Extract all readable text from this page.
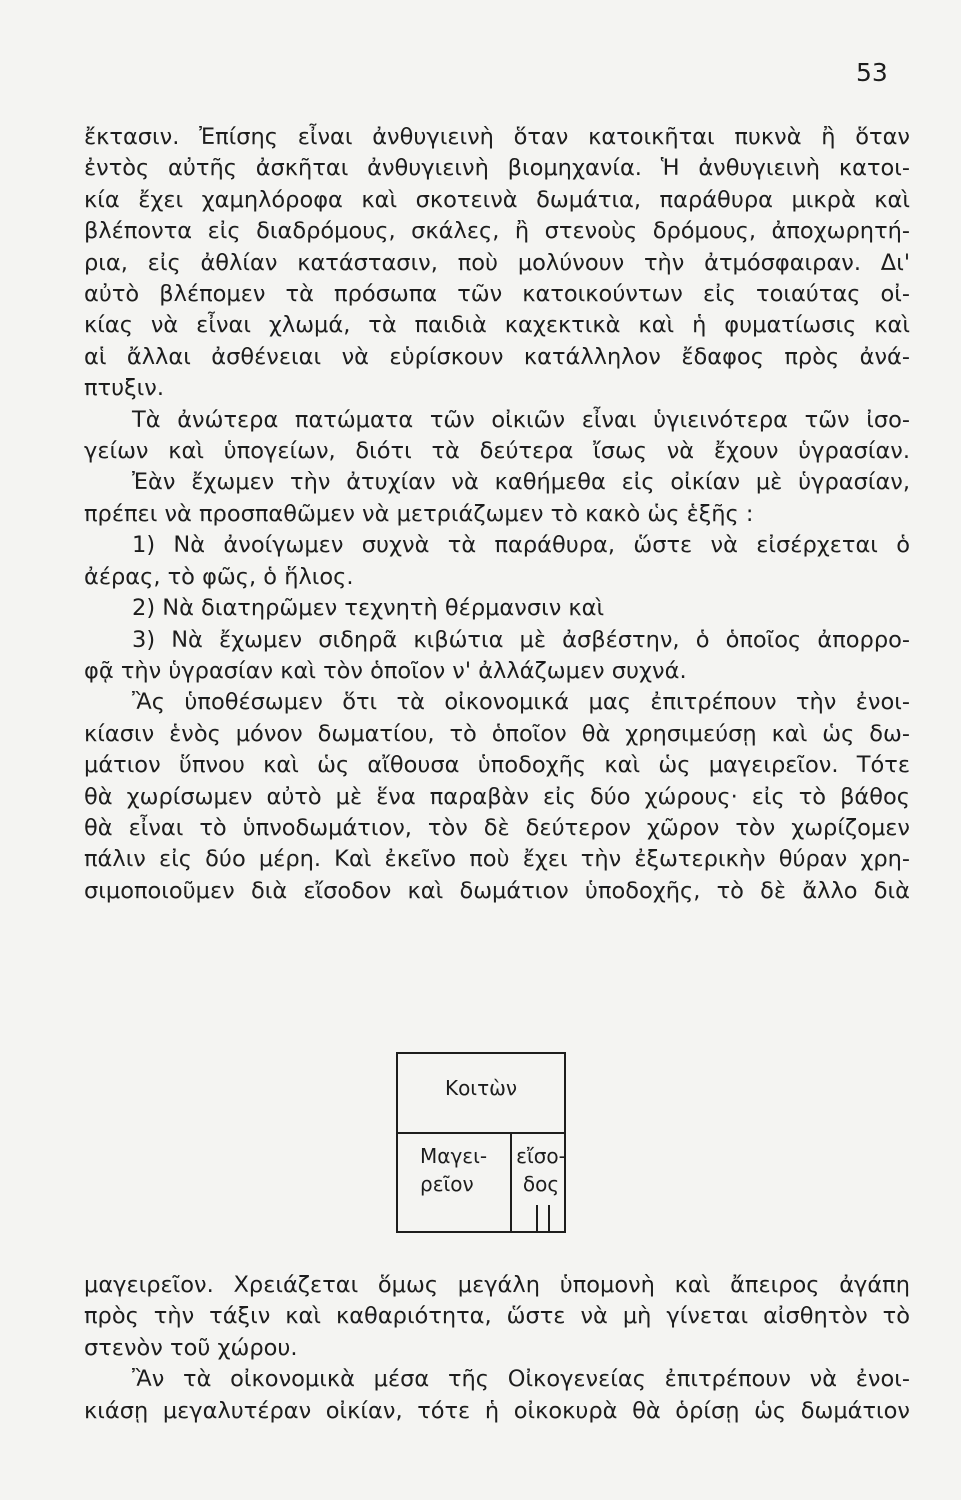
53
ἔκτασιν. Ἐπίσης εἶναι ἀνθυγιεινὴ ὅταν κατοικῆται πυκνὰ ἢ ὅταν
ἐντὸς αὐτῆς ἀσκῆται ἀνθυγιεινὴ βιομηχανία. Ἡ ἀνθυγιεινὴ κατοι-
κία ἔχει χαμηλόροφα καὶ σκοτεινὰ δωμάτια, παράθυρα μικρὰ καὶ
βλέποντα εἰς διαδρόμους, σκάλες, ἢ στενοὺς δρόμους, ἀποχωρητή-
ρια, εἰς ἀθλίαν κατάστασιν, ποὺ μολύνουν τὴν ἀτμόσφαιραν. Δι'
αὐτὸ βλέπομεν τὰ πρόσωπα τῶν κατοικούντων εἰς τοιαύτας οἰ-
κίας νὰ εἶναι χλωμά, τὰ παιδιὰ καχεκτικὰ καὶ ἡ φυματίωσις καὶ
αἱ ἄλλαι ἀσθένειαι νὰ εὑρίσκουν κατάλληλον ἔδαφος πρὸς ἀνά-
πτυξιν.
Τὰ ἀνώτερα πατώματα τῶν οἰκιῶν εἶναι ὑγιεινότερα τῶν ἰσο-
γείων καὶ ὑπογείων, διότι τὰ δεύτερα ἴσως νὰ ἔχουν ὑγρασίαν.
Ἐὰν ἔχωμεν τὴν ἀτυχίαν νὰ καθήμεθα εἰς οἰκίαν μὲ ὑγρασίαν,
πρέπει νὰ προσπαθῶμεν νὰ μετριάζωμεν τὸ κακὸ ὡς ἑξῆς :
1) Νὰ ἀνοίγωμεν συχνὰ τὰ παράθυρα, ὥστε νὰ εἰσέρχεται ὁ
ἀέρας, τὸ φῶς, ὁ ἥλιος.
2) Νὰ διατηρῶμεν τεχνητὴ θέρμανσιν καὶ
3) Νὰ ἔχωμεν σιδηρᾶ κιβώτια μὲ ἀσβέστην, ὁ ὁποῖος ἀπορρο-
φᾷ τὴν ὑγρασίαν καὶ τὸν ὁποῖον ν' ἀλλάζωμεν συχνά.
Ἂς ὑποθέσωμεν ὅτι τὰ οἰκονομικά μας ἐπιτρέπουν τὴν ἐνοι-
κίασιν ἑνὸς μόνον δωματίου, τὸ ὁποῖον θὰ χρησιμεύσῃ καὶ ὡς δω-
μάτιον ὕπνου καὶ ὡς αἴθουσα ὑποδοχῆς καὶ ὡς μαγειρεῖον. Τότε
θὰ χωρίσωμεν αὐτὸ μὲ ἕνα παραβὰν εἰς δύο χώρους· εἰς τὸ βάθος
θὰ εἶναι τὸ ὑπνοδωμάτιον, τὸν δὲ δεύτερον χῶρον τὸν χωρίζομεν
πάλιν εἰς δύο μέρη. Καὶ ἐκεῖνο ποὺ ἔχει τὴν ἐξωτερικὴν θύραν χρη-
σιμοποιοῦμεν διὰ εἴσοδον καὶ δωμάτιον ὑποδοχῆς, τὸ δὲ ἄλλο διὰ
Κοιτὼν
Μαγει-
ρεῖον
εἴσο-
δος
μαγειρεῖον. Χρειάζεται ὅμως μεγάλη ὑπομονὴ καὶ ἄπειρος ἀγάπη
πρὸς τὴν τάξιν καὶ καθαριότητα, ὥστε νὰ μὴ γίνεται αἰσθητὸν τὸ
στενὸν τοῦ χώρου.
Ἂν τὰ οἰκονομικὰ μέσα τῆς Οἰκογενείας ἐπιτρέπουν νὰ ἐνοι-
κιάσῃ μεγαλυτέραν οἰκίαν, τότε ἡ οἰκοκυρὰ θὰ ὁρίσῃ ὡς δωμάτιον
